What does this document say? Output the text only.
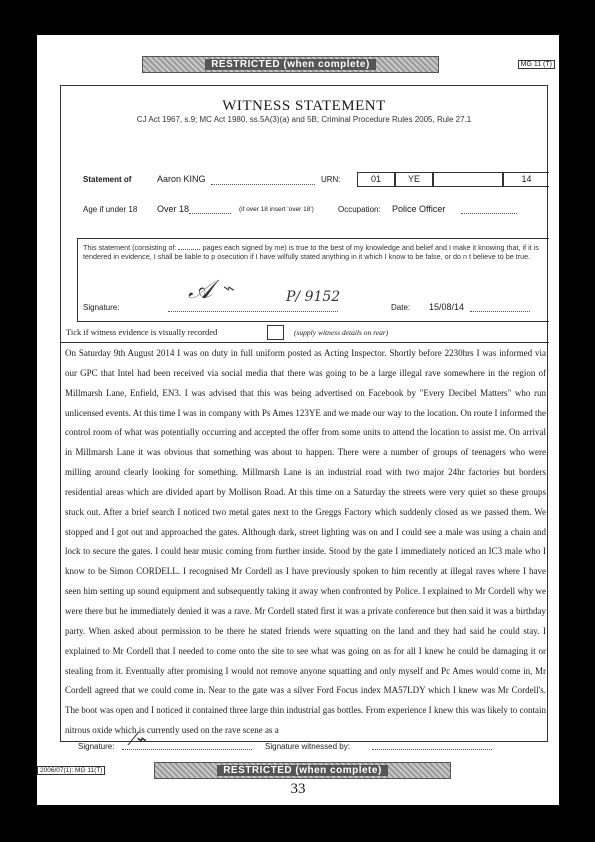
RESTRICTED (when complete)	MG 11 (T)
WITNESS STATEMENT
CJ Act 1967, s.9; MC Act 1980, ss.5A(3)(a) and 5B; Criminal Procedure Rules 2005, Rule 27.1
Statement of	Aaron KING	URN:	01	YE	14
Age if under 18 Over 18	(if over 18 insert 'over 18')	Occupation: Police Officer
This statement (consisting of:	pages each signed by me) is true to the best of my knowledge and belief and I make it knowing that, if it is tendered in evidence, I shall be liable to p osecution if I have wilfully stated anything in it which I know to be false, or do n t believe to be true.
Signature:
𝒜 ⌁	P/ 9152
Date: 15/08/14
Tick if witness evidence is visually recorded	(supply witness details on rear)

On Saturday 9th August 2014 I was on duty in full uniform posted as Acting Inspector. Shortly before 2230hrs I was informed via our GPC that Intel had been received via social media that there was going to be a large illegal rave somewhere in the region of Millmarsh Lane, Enfield, EN3. I was advised that this was being advertised on Facebook by "Every Decibel Matters" who run unlicensed events. At this time I was in company with Ps Ames 123YE and we made our way to the location. On route I informed the control room of what was potentially occurring and accepted the offer from some units to attend the location to assist me. On arrival in Millmarsh Lane it was obvious that something was about to happen. There were a number of groups of teenagers who were milling around clearly looking for something. Millmarsh Lane is an industrial road with two major 24hr factories but borders residential areas which are divided apart by Mollison Road. At this time on a Saturday the streets were very quiet so these groups stuck out. After a brief search I noticed two metal gates next to the Greggs Factory which suddenly closed as we passed them. We stopped and I got out and approached the gates. Although dark, street lighting was on and I could see a male was using a chain and lock to secure the gates. I could hear music coming from further inside. Stood by the gate I immediately noticed an IC3 male who I know to be Simon CORDELL. I recognised Mr Cordell as I have previously spoken to him recently at illegal raves where I have seen him setting up sound equipment and subsequently taking it away when confronted by Police. I explained to Mr Cordell why we were there but he immediately denied it was a rave. Mr Cordell stated first it was a private conference but then said it was a birthday party. When asked about permission to be there he stated friends were squatting on the land and they had said he could stay. I explained to Mr Cordell that I needed to come onto the site to see what was going on as for all I knew he could be damaging it or stealing from it. Eventually after promising I would not remove anyone squatting and only myself and Pc Ames would come in, Mr Cordell agreed that we could come in. Near to the gate was a silver Ford Focus index MA57LDY which I knew was Mr Cordell's. The boot was open and I noticed it contained three large thin industrial gas bottles. From experience I knew this was likely to contain nitrous oxide which is currently used on the rave scene as a

Signature: ⁄⌁	Signature witnessed by:
2006/07(1): MG 11(T)	RESTRICTED (when complete)
33
